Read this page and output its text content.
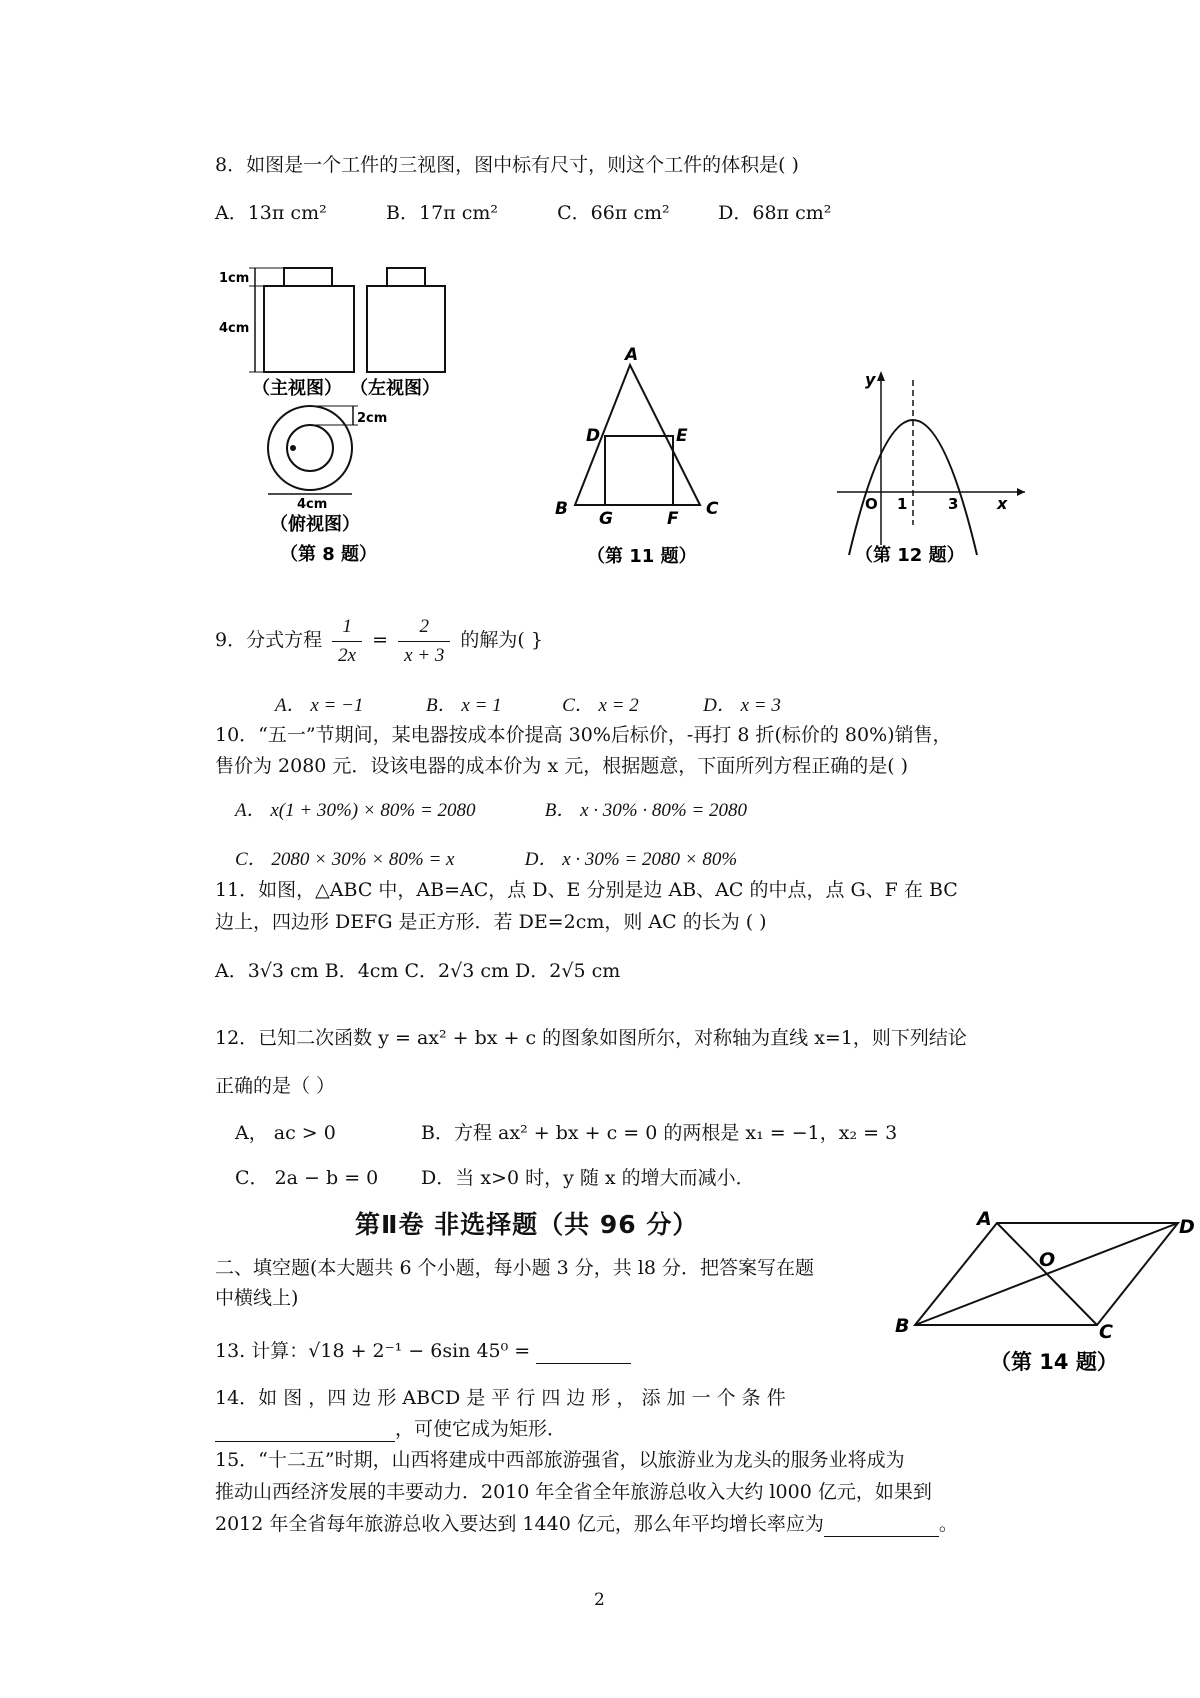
8．如图是一个工件的三视图，图中标有尺寸，则这个工件的体积是( )
A．13π cm²	B．17π cm²	C．66π cm²	D．68π cm²
1cm
4cm
（主视图） （左视图）
2cm
4cm
（俯视图）
（第 8 题）
A
D	E
B G	F C
（第 11 题）
y
x
O 1	3
（第 12 题）
9．分式方程 $\frac{1}{2x} = \frac{2}{x + 3}$ 的解为( }
A． x = −1	B． x = 1	C． x = 2	D． x = 3
10．“五一”节期间，某电器按成本价提高 30%后标价，-再打 8 折(标价的 80%)销售，
售价为 2080 元．设该电器的成本价为 x 元，根据题意，下面所列方程正确的是( )
A． x(1 + 30%) × 80% = 2080	B． x · 30% · 80% = 2080
C． 2080 × 30% × 80% = x	D． x · 30% = 2080 × 80%
11．如图，△ABC 中，AB=AC，点 D、E 分别是边 AB、AC 的中点，点 G、F 在 BC
边上，四边形 DEFG 是正方形．若 DE=2cm，则 AC 的长为 ( )
A．3√3 cm B．4cm C．2√3 cm D．2√5 cm
12．已知二次函数 y = ax² + bx + c 的图象如图所尔，对称轴为直线 x=1，则下列结论
正确的是（ ）
A， ac > 0	B．方程 ax² + bx + c = 0 的两根是 x₁ = −1，x₂ = 3
C． 2a − b = 0 D．当 x>0 时，y 随 x 的增大而减小．
第Ⅱ卷 非选择题（共 96 分）
二、填空题(本大题共 6 个小题，每小题 3 分，共 l8 分．把答案写在题
中横线上)
13. 计算：√18 + 2⁻¹ − 6sin 45⁰ =
14．如 图 ，四 边 形 ABCD 是 平 行 四 边 形 ， 添 加 一 个 条 件
，可使它成为矩形．
A	D
O
B	C
（第 14 题）
15．“十二五”时期，山西将建成中西部旅游强省，以旅游业为龙头的服务业将成为
推动山西经济发展的丰要动力．2010 年全省全年旅游总收入大约 l000 亿元，如果到
2012 年全省每年旅游总收入要达到 1440 亿元，那么年平均增长率应为	。
2
